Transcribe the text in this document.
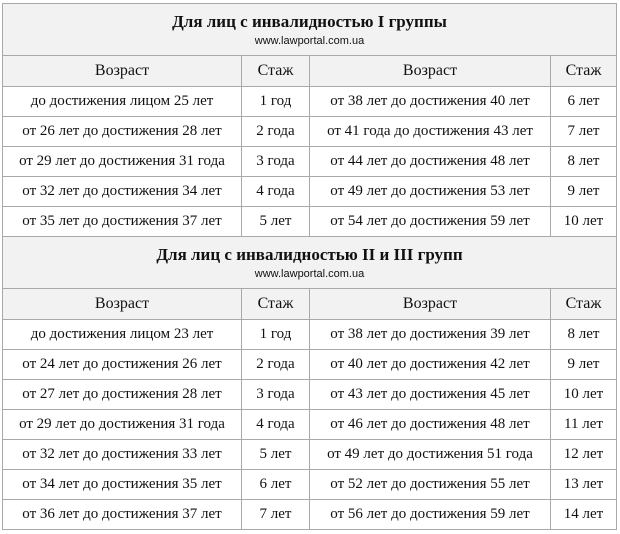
Для лиц с инвалидностью I группы
www.lawportal.com.ua			

Возраст	Стаж	Возраст	Стаж
до достижения лицом 25 лет	1 год	от 38 лет до достижения 40 лет	6 лет
от 26 лет до достижения 28 лет	2 года	от 41 года до достижения 43 лет	7 лет
от 29 лет до достижения 31 года	3 года	от 44 лет до достижения 48 лет	8 лет
от 32 лет до достижения 34 лет	4 года	от 49 лет до достижения 53 лет	9 лет
от 35 лет до достижения 37 лет	5 лет	от 54 лет до достижения 59 лет	10 лет

Для лиц с инвалидностью II и III групп
www.lawportal.com.ua			

Возраст	Стаж	Возраст	Стаж
до достижения лицом 23 лет	1 год	от 38 лет до достижения 39 лет	8 лет
от 24 лет до достижения 26 лет	2 года	от 40 лет до достижения 42 лет	9 лет
от 27 лет до достижения 28 лет	3 года	от 43 лет до достижения 45 лет	10 лет
от 29 лет до достижения 31 года	4 года	от 46 лет до достижения 48 лет	11 лет
от 32 лет до достижения 33 лет	5 лет	от 49 лет до достижения 51 года	12 лет
от 34 лет до достижения 35 лет	6 лет	от 52 лет до достижения 55 лет	13 лет
от 36 лет до достижения 37 лет	7 лет	от 56 лет до достижения 59 лет	14 лет
